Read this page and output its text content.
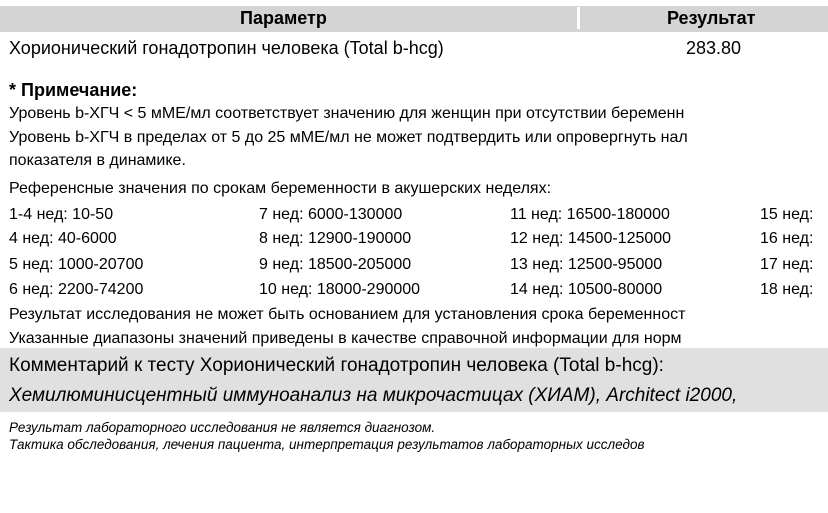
Параметр	Результат
Хорионический гонадотропин человека (Total b-hcg)	283.80
* Примечание:
Уровень b-ХГЧ < 5 мМЕ/мл соответствует значению для женщин при отсутствии беременн
Уровень b-ХГЧ в пределах от 5 до 25 мМЕ/мл не может подтвердить или опровергнуть нал
показателя в динамике.
Референсные значения по срокам беременности в акушерских неделях:
1-4 нед: 10-50	7 нед: 6000-130000	11 нед: 16500-180000	15 нед:
4 нед: 40-6000	8 нед: 12900-190000	12 нед: 14500-125000	16 нед:
5 нед: 1000-20700	9 нед: 18500-205000	13 нед: 12500-95000	17 нед:
6 нед: 2200-74200	10 нед: 18000-290000	14 нед: 10500-80000	18 нед:
Результат исследования не может быть основанием для установления срока беременност
Указанные диапазоны значений приведены в качестве справочной информации для норм
Комментарий к тесту Хорионический гонадотропин человека (Total b-hcg):
Хемилюминисцентный иммуноанализ на микрочастицах (ХИАМ), Architect i2000,
Результат лабораторного исследования не является диагнозом.
Тактика обследования, лечения пациента, интерпретация результатов лабораторных исследов
